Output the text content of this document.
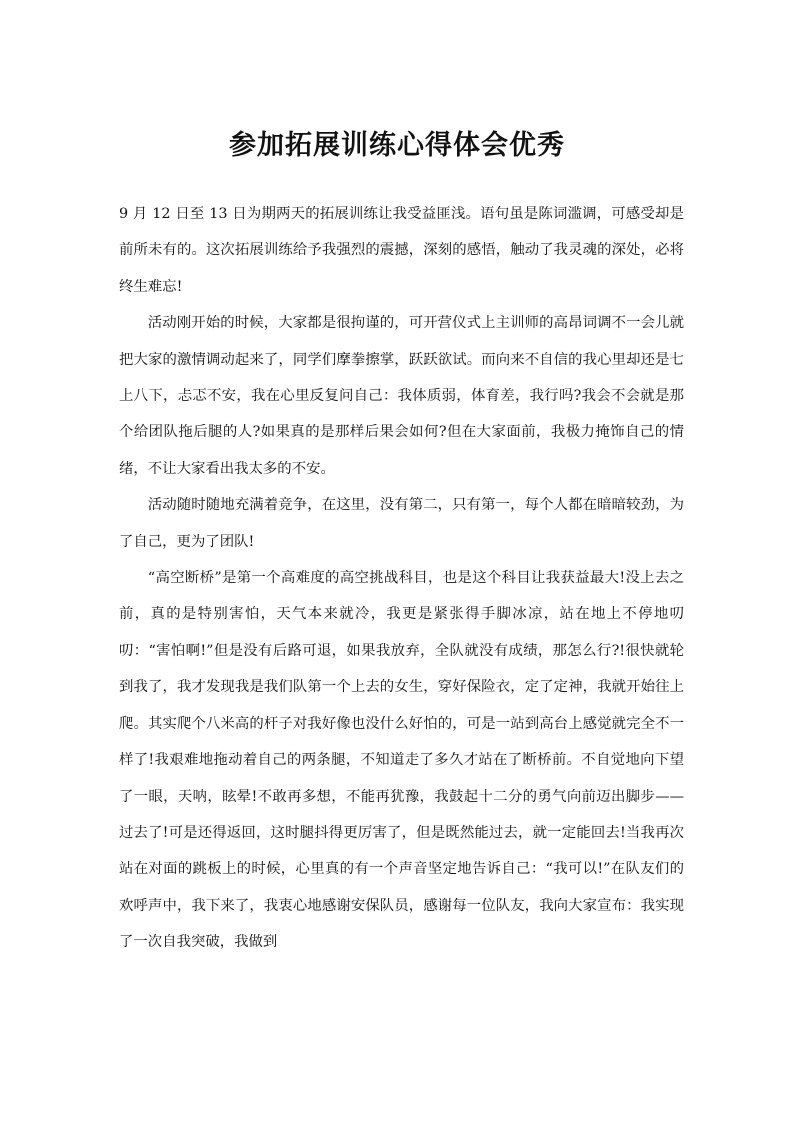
参加拓展训练心得体会优秀

9 月 12 日至 13 日为期两天的拓展训练让我受益匪浅。语句虽是陈词滥调，可感受却是前所未有的。这次拓展训练给予我强烈的震撼，深刻的感悟，触动了我灵魂的深处，必将终生难忘!

活动刚开始的时候，大家都是很拘谨的，可开营仪式上主训师的高昂词调不一会儿就把大家的激情调动起来了，同学们摩拳擦掌，跃跃欲试。而向来不自信的我心里却还是七上八下，忐忑不安，我在心里反复问自己：我体质弱，体育差，我行吗?我会不会就是那个给团队拖后腿的人?如果真的是那样后果会如何?但在大家面前，我极力掩饰自己的情绪，不让大家看出我太多的不安。

活动随时随地充满着竞争，在这里，没有第二，只有第一，每个人都在暗暗较劲，为了自己，更为了团队!

“高空断桥”是第一个高难度的高空挑战科目，也是这个科目让我获益最大!没上去之前，真的是特别害怕，天气本来就冷，我更是紧张得手脚冰凉，站在地上不停地叨叨：“害怕啊!”但是没有后路可退，如果我放弃，全队就没有成绩，那怎么行?!很快就轮到我了，我才发现我是我们队第一个上去的女生，穿好保险衣，定了定神，我就开始往上爬。其实爬个八米高的杆子对我好像也没什么好怕的，可是一站到高台上感觉就完全不一样了!我艰难地拖动着自己的两条腿，不知道走了多久才站在了断桥前。不自觉地向下望了一眼，天呐，眩晕!不敢再多想，不能再犹豫，我鼓起十二分的勇气向前迈出脚步——过去了!可是还得返回，这时腿抖得更厉害了，但是既然能过去，就一定能回去!当我再次站在对面的跳板上的时候，心里真的有一个声音坚定地告诉自己：“我可以!”在队友们的欢呼声中，我下来了，我衷心地感谢安保队员，感谢每一位队友，我向大家宣布：我实现了一次自我突破，我做到
